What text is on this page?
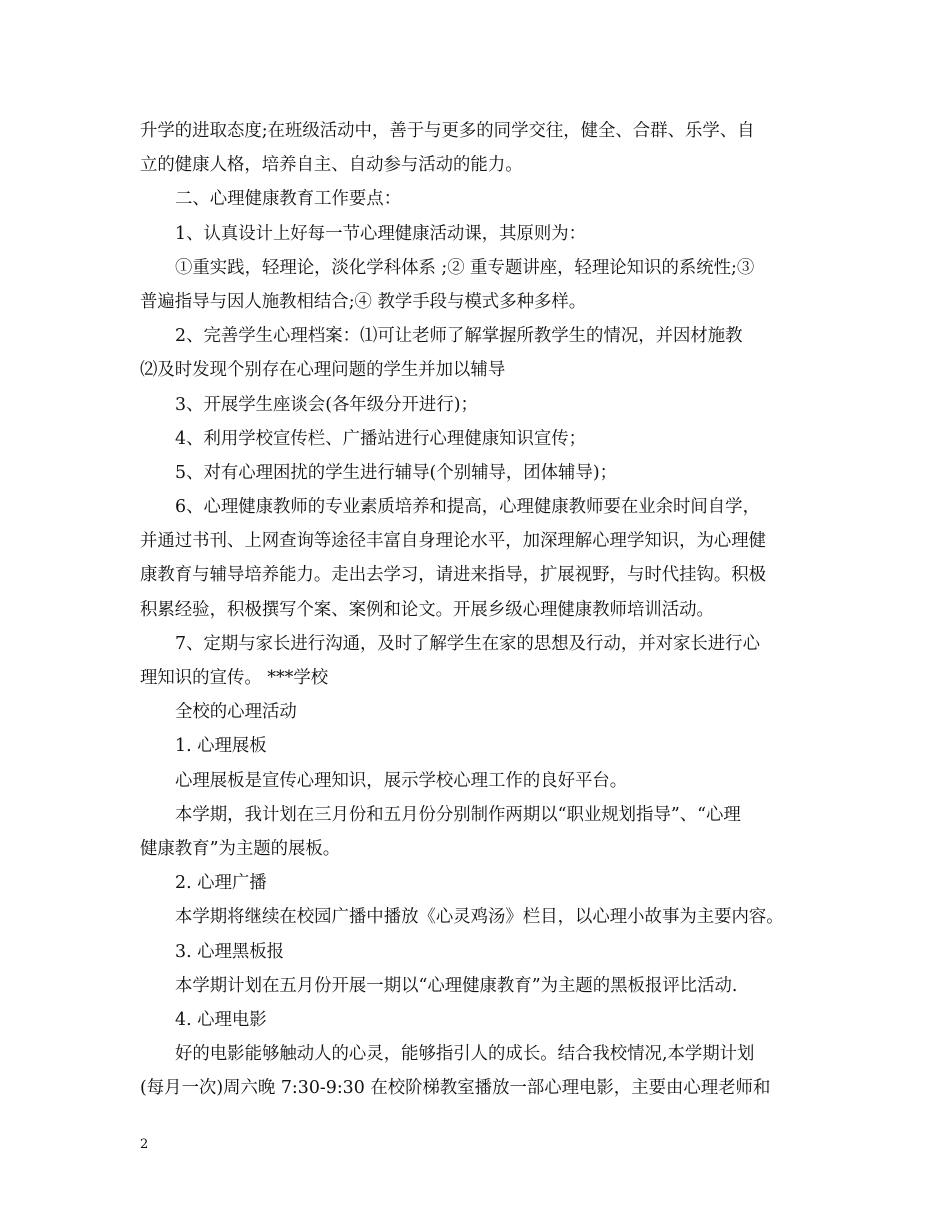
升学的进取态度;在班级活动中，善于与更多的同学交往，健全、合群、乐学、自
立的健康人格，培养自主、自动参与活动的能力。
二、心理健康教育工作要点：
1、认真设计上好每一节心理健康活动课，其原则为：
①重实践，轻理论，淡化学科体系 ;② 重专题讲座，轻理论知识的系统性;③
普遍指导与因人施教相结合;④ 教学手段与模式多种多样。
2、完善学生心理档案：⑴可让老师了解掌握所教学生的情况，并因材施教
⑵及时发现个别存在心理问题的学生并加以辅导
3、开展学生座谈会(各年级分开进行)；
4、利用学校宣传栏、广播站进行心理健康知识宣传；
5、对有心理困扰的学生进行辅导(个别辅导，团体辅导)；
6、心理健康教师的专业素质培养和提高，心理健康教师要在业余时间自学，
并通过书刊、上网查询等途径丰富自身理论水平，加深理解心理学知识，为心理健
康教育与辅导培养能力。走出去学习，请进来指导，扩展视野，与时代挂钩。积极
积累经验，积极撰写个案、案例和论文。开展乡级心理健康教师培训活动。
7、定期与家长进行沟通，及时了解学生在家的思想及行动，并对家长进行心
理知识的宣传。 ***学校
全校的心理活动
1. 心理展板
心理展板是宣传心理知识，展示学校心理工作的良好平台。
本学期，我计划在三月份和五月份分别制作两期以“职业规划指导”、“心理
健康教育”为主题的展板。
2. 心理广播
本学期将继续在校园广播中播放《心灵鸡汤》栏目，以心理小故事为主要内容。
3. 心理黑板报
本学期计划在五月份开展一期以“心理健康教育”为主题的黑板报评比活动.
4. 心理电影
好的电影能够触动人的心灵，能够指引人的成长。结合我校情况,本学期计划
(每月一次)周六晚 7:30-9:30 在校阶梯教室播放一部心理电影，主要由心理老师和
2
